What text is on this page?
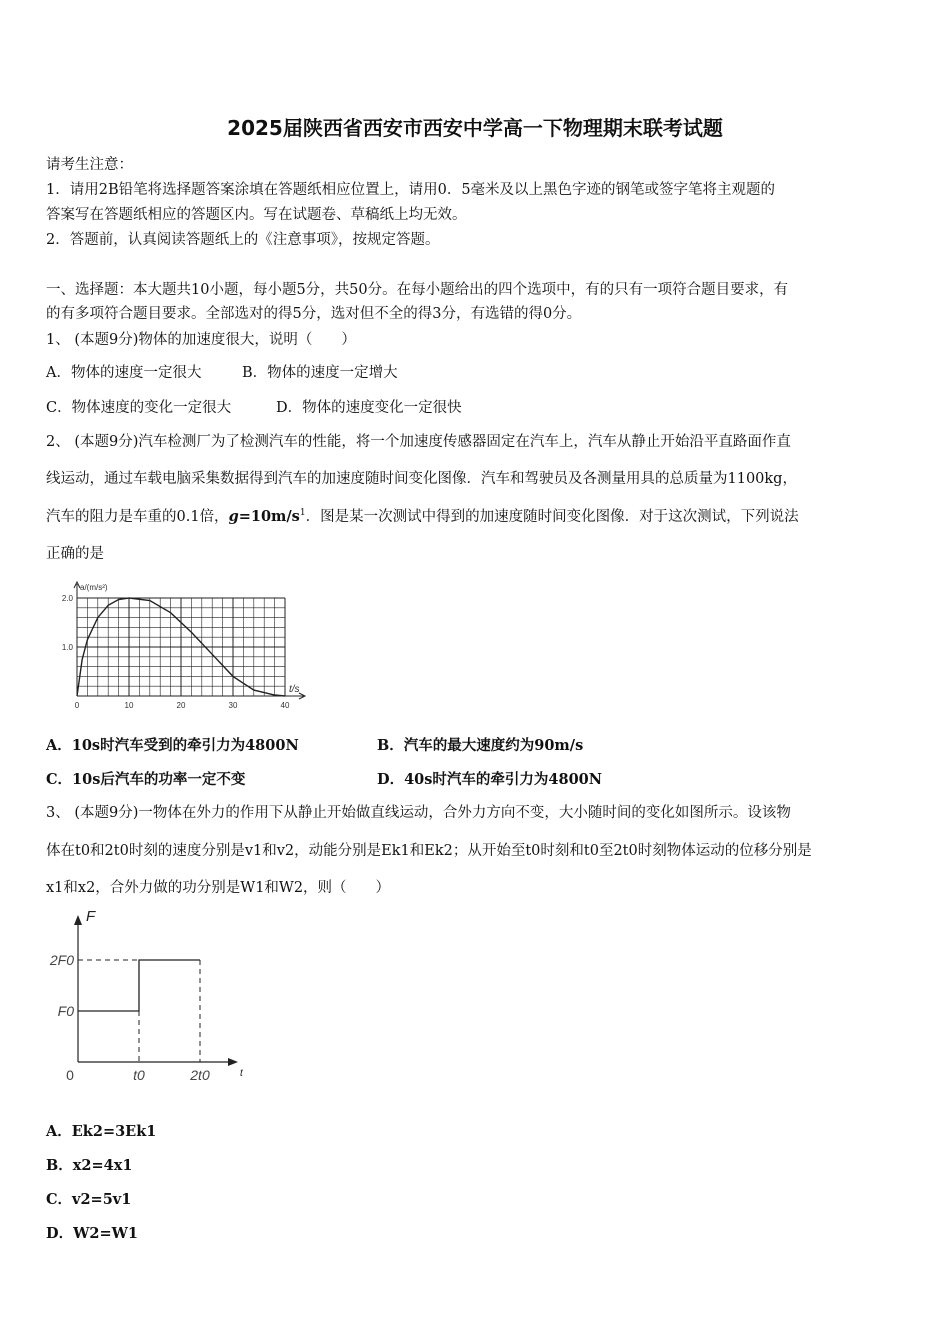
2025届陕西省西安市西安中学高一下物理期末联考试题
请考生注意：
1．请用2B铅笔将选择题答案涂填在答题纸相应位置上，请用0．5毫米及以上黑色字迹的钢笔或签字笔将主观题的
答案写在答题纸相应的答题区内。写在试题卷、草稿纸上均无效。
2．答题前，认真阅读答题纸上的《注意事项》，按规定答题。
一、选择题：本大题共10小题，每小题5分，共50分。在每小题给出的四个选项中，有的只有一项符合题目要求，有
的有多项符合题目要求。全部选对的得5分，选对但不全的得3分，有选错的得0分。
1、 (本题9分)物体的加速度很大，说明（　　）
A．物体的速度一定很大	B．物体的速度一定增大
C．物体速度的变化一定很大	D．物体的速度变化一定很快
2、 (本题9分)汽车检测厂为了检测汽车的性能，将一个加速度传感器固定在汽车上，汽车从静止开始沿平直路面作直
线运动，通过车载电脑采集数据得到汽车的加速度随时间变化图像．汽车和驾驶员及各测量用具的总质量为1100kg，
汽车的阻力是车重的0.1倍，$g=10m/s^1$．图是某一次测试中得到的加速度随时间变化图像．对于这次测试，下列说法
正确的是
0	10	20	30	40
1.0
2.0
a/(m/s²)
t/s
A．10s时汽车受到的牵引力为4800N	B．汽车的最大速度约为90m/s
C．10s后汽车的功率一定不变	D．40s时汽车的牵引力为4800N
3、 (本题9分)一物体在外力的作用下从静止开始做直线运动，合外力方向不变，大小随时间的变化如图所示。设该物
体在t0和2t0时刻的速度分别是v1和v2，动能分别是Ek1和Ek2；从开始至t0时刻和t0至2t0时刻物体运动的位移分别是
x1和x2，合外力做的功分别是W1和W2，则（　　）
F0
2F0
0	t0	2t0
F
t
A．Ek2=3Ek1
B．x2=4x1
C．v2=5v1
D．W2=W1
